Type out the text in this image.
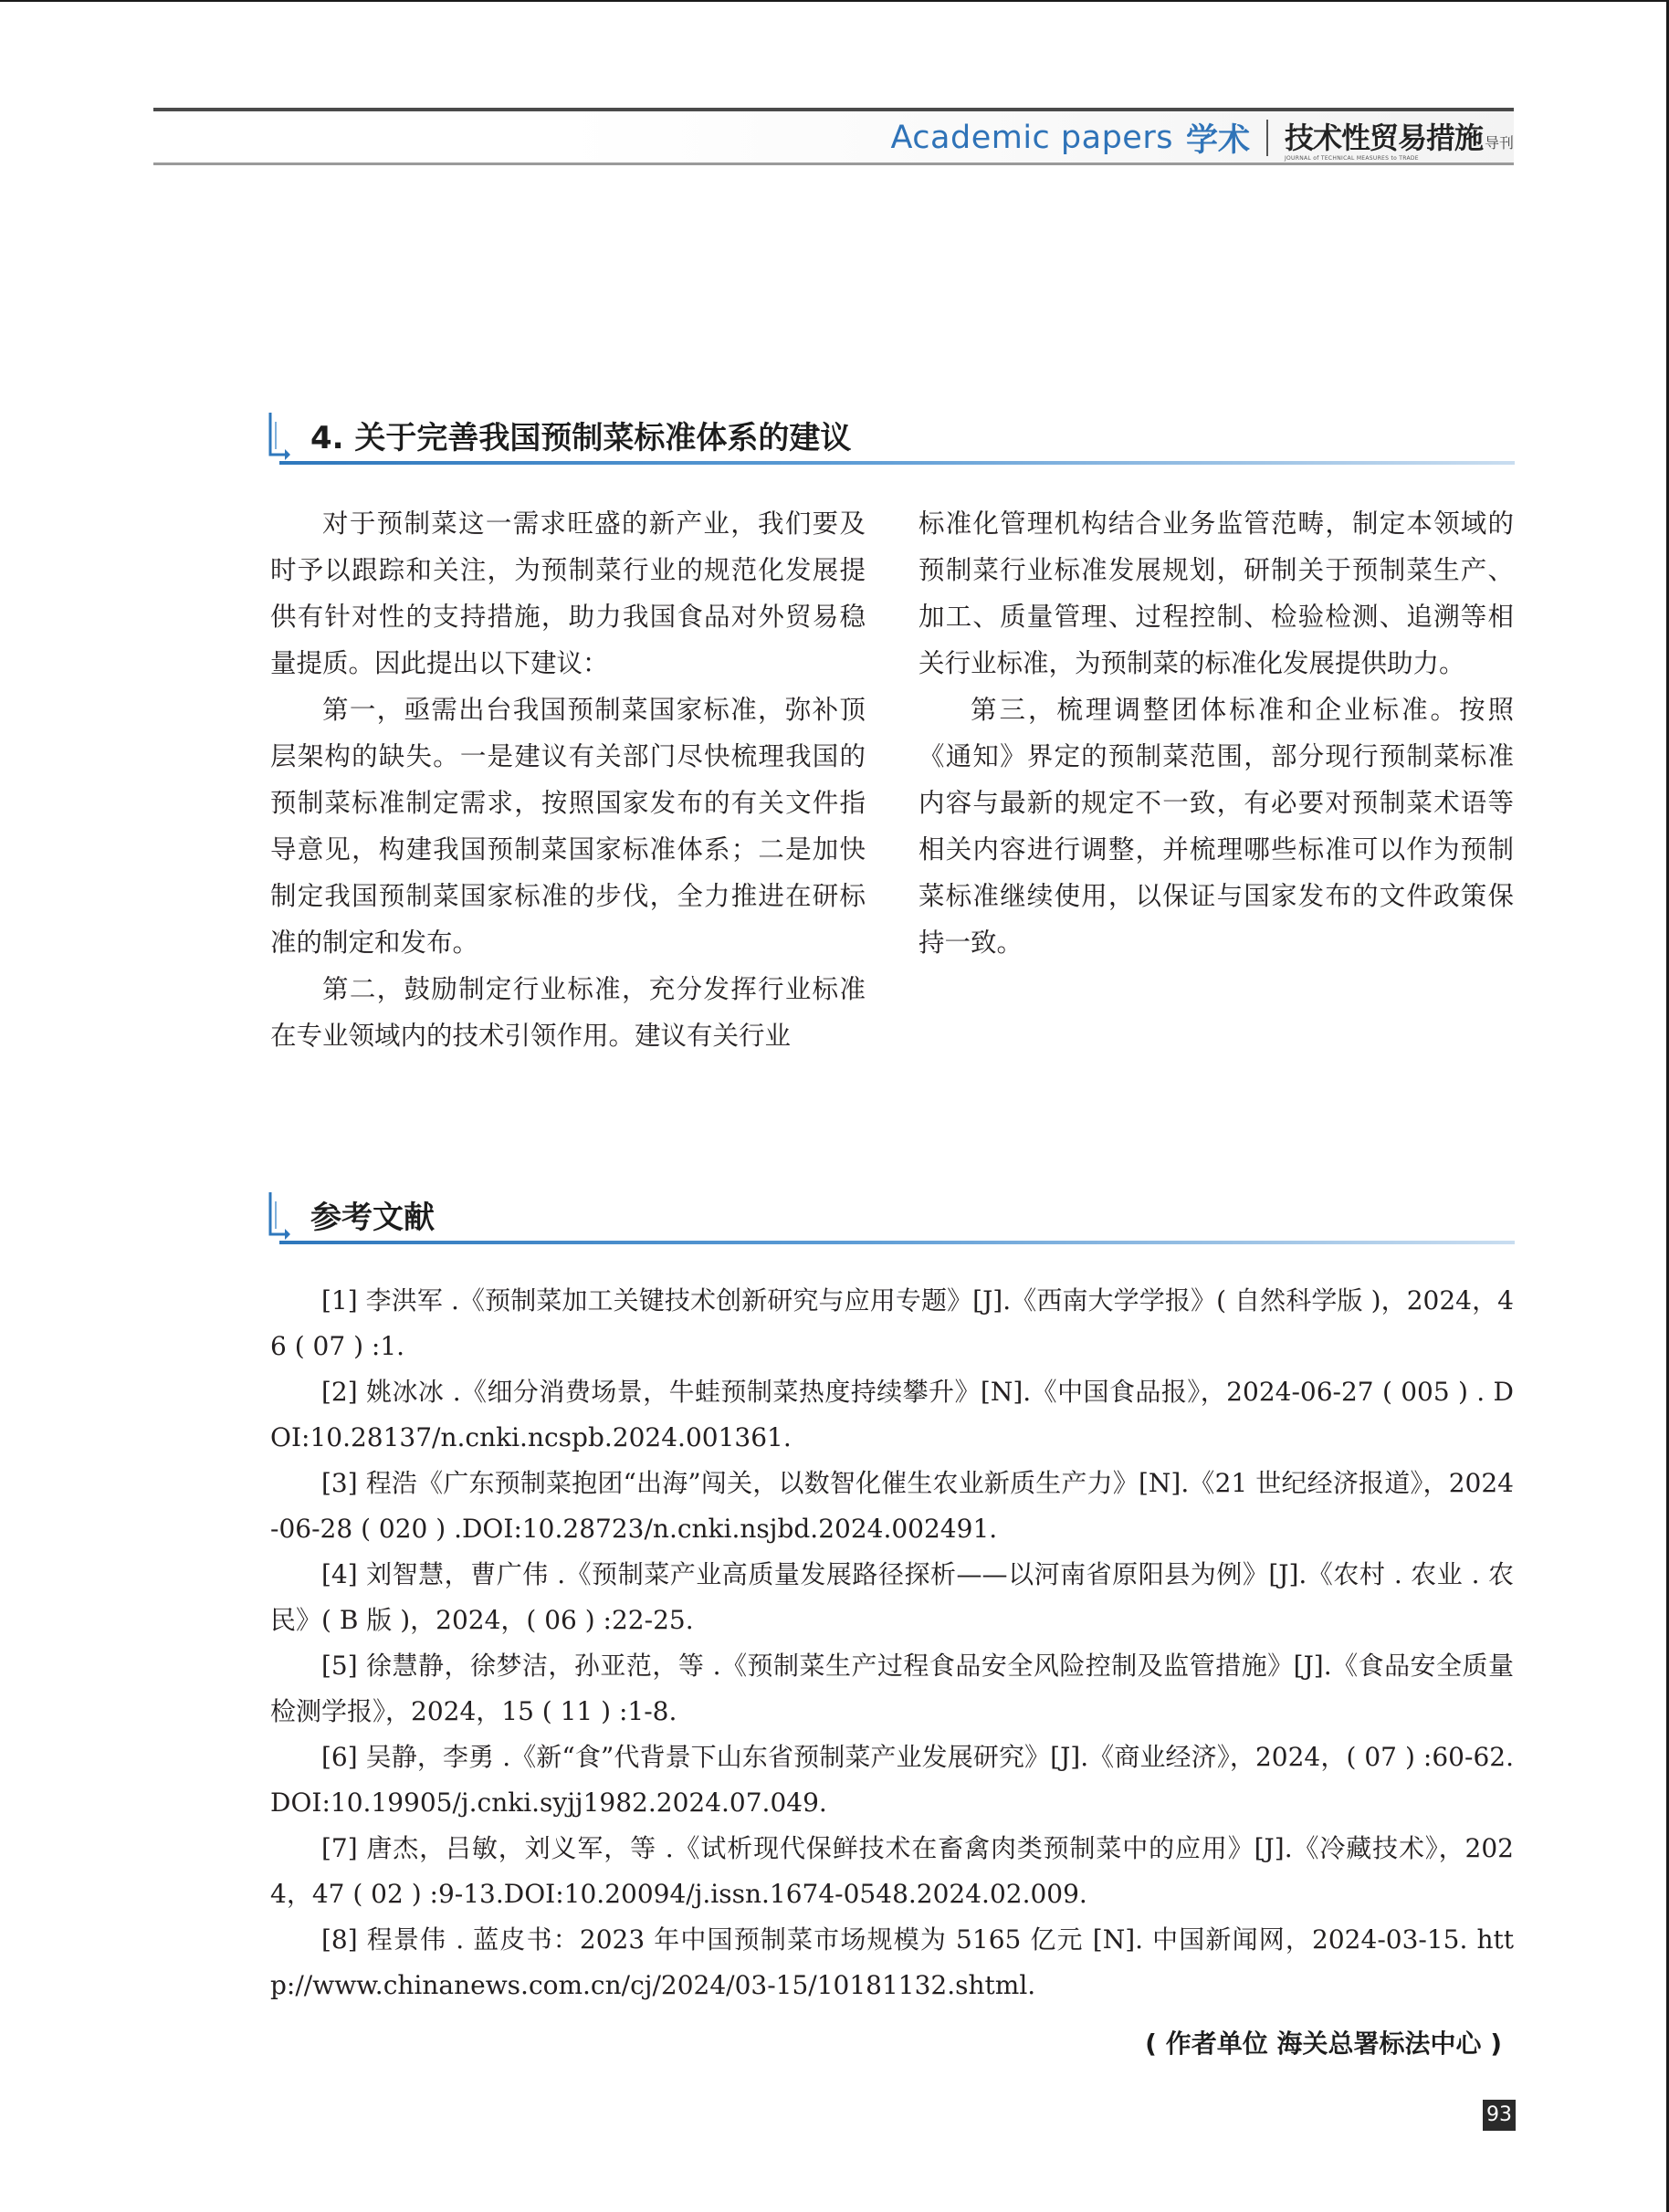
Academic papers 学术 技术性贸易措施 导刊
JOURNAL of TECHNICAL MEASURES to TRADE
4. 关于完善我国预制菜标准体系的建议

对于预制菜这一需求旺盛的新产业，我们要及时予以跟踪和关注，为预制菜行业的规范化发展提供有针对性的支持措施，助力我国食品对外贸易稳量提质。因此提出以下建议：

第一，亟需出台我国预制菜国家标准，弥补顶层架构的缺失。一是建议有关部门尽快梳理我国的预制菜标准制定需求，按照国家发布的有关文件指导意见，构建我国预制菜国家标准体系；二是加快制定我国预制菜国家标准的步伐，全力推进在研标准的制定和发布。

第二，鼓励制定行业标准，充分发挥行业标准在专业领域内的技术引领作用。建议有关行业

标准化管理机构结合业务监管范畴，制定本领域的预制菜行业标准发展规划，研制关于预制菜生产、加工、质量管理、过程控制、检验检测、追溯等相关行业标准，为预制菜的标准化发展提供助力。

第三，梳理调整团体标准和企业标准。按照《通知》界定的预制菜范围，部分现行预制菜标准内容与最新的规定不一致，有必要对预制菜术语等相关内容进行调整，并梳理哪些标准可以作为预制菜标准继续使用，以保证与国家发布的文件政策保持一致。

参考文献

[1] 李洪军 .《预制菜加工关键技术创新研究与应用专题》[J].《西南大学学报》( 自然科学版 )，2024，46 ( 07 ) :1.

[2] 姚冰冰 .《细分消费场景，牛蛙预制菜热度持续攀升》[N].《中国食品报》，2024-06-27 ( 005 ) . DOI:10.28137/n.cnki.ncspb.2024.001361.

[3] 程浩《广东预制菜抱团“出海”闯关，以数智化催生农业新质生产力》[N].《21 世纪经济报道》，2024-06-28 ( 020 ) .DOI:10.28723/n.cnki.nsjbd.2024.002491.

[4] 刘智慧，曹广伟 .《预制菜产业高质量发展路径探析——以河南省原阳县为例》[J].《农村 . 农业 . 农民》( B 版 )，2024，( 06 ) :22-25.

[5] 徐慧静，徐梦洁，孙亚范，等 .《预制菜生产过程食品安全风险控制及监管措施》[J].《食品安全质量检测学报》，2024，15 ( 11 ) :1-8.

[6] 吴静，李勇 .《新“食”代背景下山东省预制菜产业发展研究》[J].《商业经济》，2024，( 07 ) :60-62. DOI:10.19905/j.cnki.syjj1982.2024.07.049.

[7] 唐杰，吕敏，刘义军，等 .《试析现代保鲜技术在畜禽肉类预制菜中的应用》[J].《冷藏技术》，2024，47 ( 02 ) :9-13.DOI:10.20094/j.issn.1674-0548.2024.02.009.

[8] 程景伟 . 蓝皮书：2023 年中国预制菜市场规模为 5165 亿元 [N]. 中国新闻网，2024-03-15. http://www.chinanews.com.cn/cj/2024/03-15/10181132.shtml.

( 作者单位 海关总署标法中心 )
93
